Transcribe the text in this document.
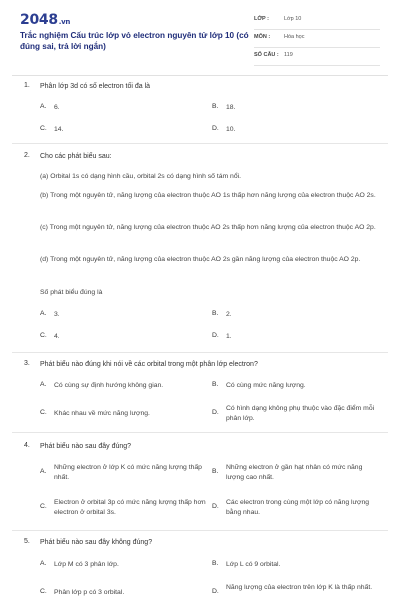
2048.vn
Trắc nghiệm Cấu trúc lớp vỏ electron nguyên tử lớp 10 (có đúng sai, trả lời ngắn)
LỚP :	Lớp 10
MÔN :	Hóa học
SỐ CÂU : 119
1. Phân lớp 3d có số electron tối đa là
A. 6.	B. 18.
C. 14.	D. 10.
2. Cho các phát biểu sau:
(a) Orbital 1s có dạng hình cầu, orbital 2s có dạng hình số tám nổi.
(b) Trong một nguyên tử, năng lượng của electron thuộc AO 1s thấp hơn năng lượng của electron thuộc AO 2s.
(c) Trong một nguyên tử, năng lượng của electron thuộc AO 2s thấp hơn năng lượng của electron thuộc AO 2p.
(d) Trong một nguyên tử, năng lượng của electron thuộc AO 2s gần năng lượng của electron thuộc AO 2p.
Số phát biểu đúng là
A. 3.	B. 2.
C. 4.	D. 1.
3. Phát biểu nào đúng khi nói về các orbital trong một phân lớp electron?
A. Có cùng sự định hướng không gian.	B. Có cùng mức năng lượng.
C. Khác nhau về mức năng lượng.	D.
Có hình dạng không phụ thuộc vào đặc điểm mỗi phân lớp.
4. Phát biểu nào sau đây đúng?
A.
Những electron ở lớp K có mức năng lượng thấp nhất.
B.
Những electron ở gần hạt nhân có mức năng lượng cao nhất.
C.
Electron ở orbital 3p có mức năng lượng thấp hơn electron ở orbital 3s.
D.
Các electron trong cùng một lớp có năng lượng bằng nhau.
5. Phát biểu nào sau đây không đúng?
A. Lớp M có 3 phân lớp.	B. Lớp L có 9 orbital.
C. Phân lớp p có 3 orbital.	D.
Năng lượng của electron trên lớp K là thấp nhất.
